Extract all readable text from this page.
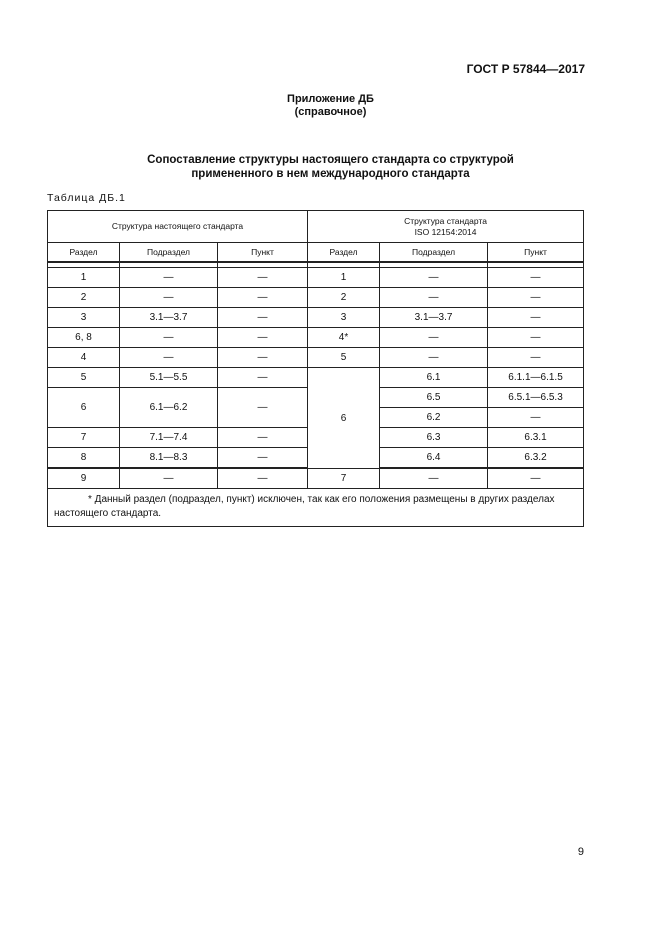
ГОСТ Р 57844—2017
Приложение ДБ
(справочное)
Сопоставление структуры настоящего стандарта со структурой
примененного в нем международного стандарта
Таблица ДБ.1
Структура настоящего стандарта			Структура стандарта
ISO 12154:2014		

Раздел	Подраздел	Пункт	Раздел	Подраздел	Пункт

1	—	—	1	—	—
2	—	—	2	—	—
3	3.1—3.7	—	3	3.1—3.7	—
6, 8	—	—	4*	—	—
4	—	—	5	—	—
5	5.1—5.5	—	6	6.1	6.1.1—6.1.5
6	6.1—6.2	—		6.5	6.5.1—6.5.3
				6.2	—
7	7.1—7.4	—		6.3	6.3.1
8	8.1—8.3	—		6.4	6.3.2

9	—	—	7	—	—
* Данный раздел (подраздел, пункт) исключен, так как его положения размещены в других разделах настоящего стандарта.					
9
